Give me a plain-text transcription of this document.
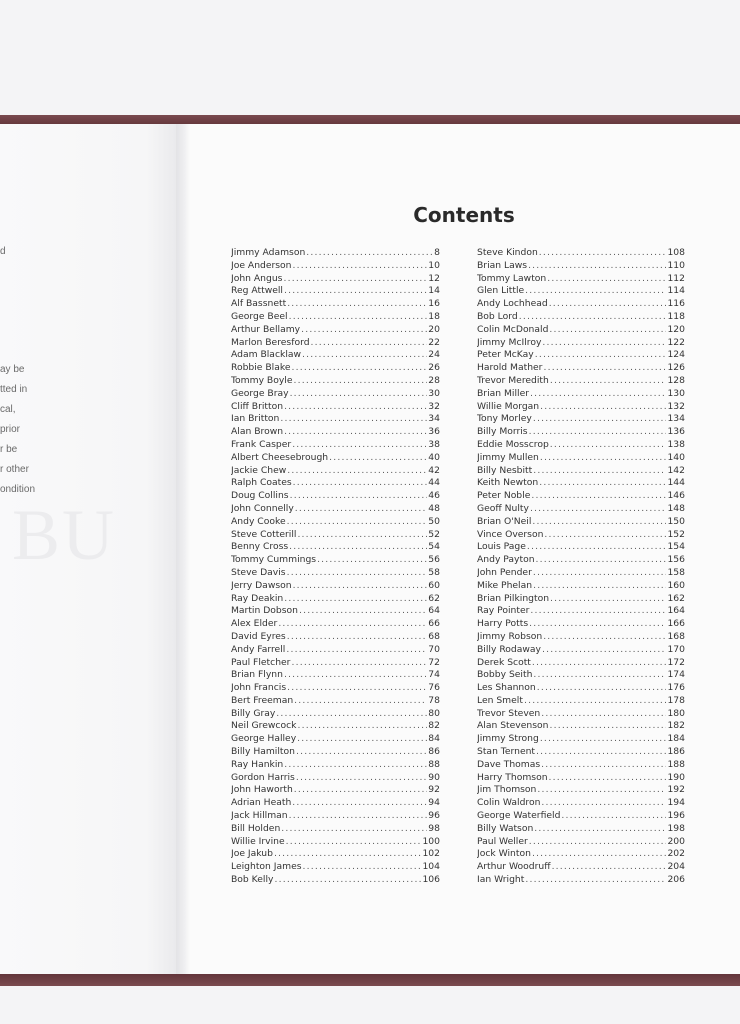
BU
d
ay be
tted in
cal,
prior
r be
r other
ondition
Contents
Jimmy Adamson .....	8
Joe Anderson .....	10
John Angus .....	12
Reg Attwell .....	14
Alf Bassnett .....	16
George Beel .....	18
Arthur Bellamy .....	20
Marlon Beresford .....	22
Adam Blacklaw .....	24
Robbie Blake .....	26
Tommy Boyle .....	28
George Bray .....	30
Cliff Britton .....	32
Ian Britton .....	34
Alan Brown .....	36
Frank Casper .....	38
Albert Cheesebrough .....	40
Jackie Chew .....	42
Ralph Coates .....	44
Doug Collins .....	46
John Connelly .....	48
Andy Cooke .....	50
Steve Cotterill .....	52
Benny Cross .....	54
Tommy Cummings .....	56
Steve Davis .....	58
Jerry Dawson .....	60
Ray Deakin .....	62
Martin Dobson .....	64
Alex Elder .....	66
David Eyres .....	68
Andy Farrell .....	70
Paul Fletcher .....	72
Brian Flynn .....	74
John Francis .....	76
Bert Freeman .....	78
Billy Gray .....	80
Neil Grewcock .....	82
George Halley .....	84
Billy Hamilton .....	86
Ray Hankin .....	88
Gordon Harris .....	90
John Haworth .....	92
Adrian Heath .....	94
Jack Hillman .....	96
Bill Holden .....	98
Willie Irvine .....	100
Joe Jakub .....	102
Leighton James .....	104
Bob Kelly .....	106
Steve Kindon .....	108
Brian Laws .....	110
Tommy Lawton .....	112
Glen Little .....	114
Andy Lochhead .....	116
Bob Lord .....	118
Colin McDonald .....	120
Jimmy McIlroy .....	122
Peter McKay .....	124
Harold Mather .....	126
Trevor Meredith .....	128
Brian Miller .....	130
Willie Morgan .....	132
Tony Morley .....	134
Billy Morris .....	136
Eddie Mosscrop .....	138
Jimmy Mullen .....	140
Billy Nesbitt .....	142
Keith Newton .....	144
Peter Noble .....	146
Geoff Nulty .....	148
Brian O'Neil .....	150
Vince Overson .....	152
Louis Page .....	154
Andy Payton .....	156
John Pender .....	158
Mike Phelan .....	160
Brian Pilkington .....	162
Ray Pointer .....	164
Harry Potts .....	166
Jimmy Robson .....	168
Billy Rodaway .....	170
Derek Scott .....	172
Bobby Seith .....	174
Les Shannon .....	176
Len Smelt .....	178
Trevor Steven .....	180
Alan Stevenson .....	182
Jimmy Strong .....	184
Stan Ternent .....	186
Dave Thomas .....	188
Harry Thomson .....	190
Jim Thomson .....	192
Colin Waldron .....	194
George Waterfield .....	196
Billy Watson .....	198
Paul Weller .....	200
Jock Winton .....	202
Arthur Woodruff .....	204
Ian Wright .....	206
